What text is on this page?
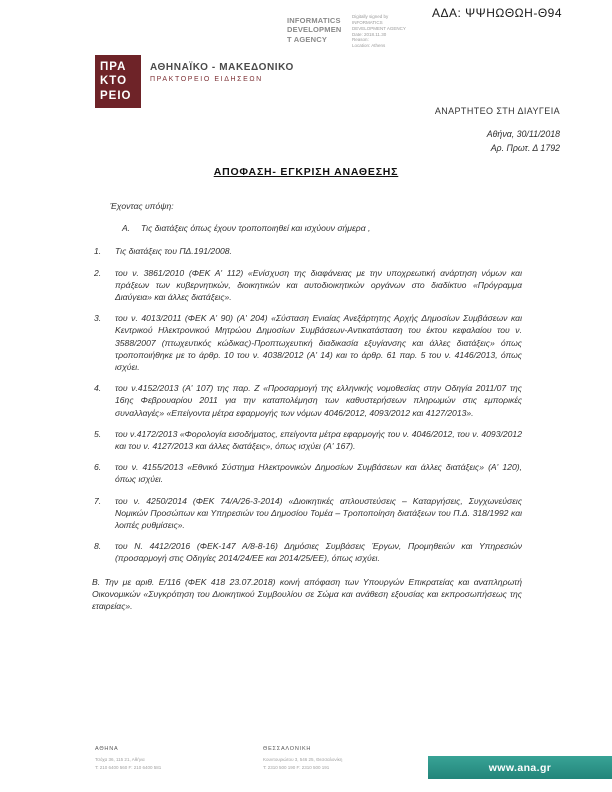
ΑΔΑ: ΨΨΗΩΘΩΗ-Θ94
INFORMATICS
DEVELOPMEN
T AGENCY
Digitally signed by
INFORMATICS
DEVELOPMENT AGENCY
Date: 2018.11.30
Reason:
Location: Athens
ΠΡΑ
ΚΤΟ
ΡΕΙΟ
ΑΘΗΝΑΪΚΟ - ΜΑΚΕΔΟΝΙΚΟ
ΠΡΑΚΤΟΡΕΙΟ ΕΙΔΗΣΕΩΝ
ΑΝΑΡΤΗΤΕΟ ΣΤΗ ΔΙΑΥΓΕΙΑ
Αθήνα, 30/11/2018
Αρ. Πρωτ. Δ 1792
ΑΠΟΦΑΣΗ- ΕΓΚΡΙΣΗ ΑΝΑΘΕΣΗΣ
Έχοντας υπόψη:
Α. Τις διατάξεις όπως έχουν τροποποιηθεί και ισχύουν σήμερα ,
1. Τις διατάξεις του ΠΔ.191/2008.
2. του ν. 3861/2010 (ΦΕΚ Α' 112) «Ενίσχυση της διαφάνειας με την υποχρεωτική ανάρτηση νόμων και πράξεων των κυβερνητικών, διοικητικών και αυτοδιοικητικών οργάνων στο διαδίκτυο «Πρόγραμμα Διαύγεια» και άλλες διατάξεις».
3. του ν. 4013/2011 (ΦΕΚ Α' 90) (Α' 204) «Σύσταση Ενιαίας Ανεξάρτητης Αρχής Δημοσίων Συμβάσεων και Κεντρικού Ηλεκτρονικού Μητρώου Δημοσίων Συμβάσεων-Αντικατάσταση του έκτου κεφαλαίου του ν. 3588/2007 (πτωχευτικός κώδικας)-Προπτωχευτική διαδικασία εξυγίανσης και άλλες διατάξεις» όπως τροποποιήθηκε με το άρθρ. 10 του ν. 4038/2012 (Α' 14) και το άρθρ. 61 παρ. 5 του ν. 4146/2013, όπως ισχύει.
4. του ν.4152/2013 (Α' 107) της παρ. Ζ «Προσαρμογή της ελληνικής νομοθεσίας στην Οδηγία 2011/07 της 16ης Φεβρουαρίου 2011 για την καταπολέμηση των καθυστερήσεων πληρωμών στις εμπορικές συναλλαγές» «Επείγοντα μέτρα εφαρμογής των νόμων 4046/2012, 4093/2012 και 4127/2013».
5. του ν.4172/2013 «Φορολογία εισοδήματος, επείγοντα μέτρα εφαρμογής του ν. 4046/2012, του ν. 4093/2012 και του ν. 4127/2013 και άλλες διατάξεις», όπως ισχύει (Α' 167).
6. του ν. 4155/2013 «Εθνικό Σύστημα Ηλεκτρονικών Δημοσίων Συμβάσεων και άλλες διατάξεις» (Α' 120), όπως ισχύει.
7. του ν. 4250/2014 (ΦΕΚ 74/Α/26-3-2014) «Διοικητικές απλουστεύσεις – Καταργήσεις, Συγχωνεύσεις Νομικών Προσώπων και Υπηρεσιών του Δημοσίου Τομέα – Τροποποίηση διατάξεων του Π.Δ. 318/1992 και λοιπές ρυθμίσεις».
8. του Ν. 4412/2016 (ΦΕΚ-147 Α/8-8-16) Δημόσιες Συμβάσεις Έργων, Προμηθειών και Υπηρεσιών (προσαρμογή στις Οδηγίες 2014/24/ΕΕ και 2014/25/ΕΕ), όπως ισχύει.
Β. Την με αριθ. Ε/116 (ΦΕΚ 418 23.07.2018) κοινή απόφαση των Υπουργών Επικρατείας και αναπληρωτή Οικονομικών «Συγκρότηση του Διοικητικού Συμβουλίου σε Σώμα και ανάθεση εξουσίας και εκπροσωπήσεως της εταιρείας».
ΑΘΗΝΑ
Τσόχα 36, 115 21, Αθήνα
Τ: 210 6400 560 F: 210 6400 581
ΘΕΣΣΑΛΟΝΙΚΗ
Κουντουριώτου 3, 546 25, Θεσσαλονίκη
Τ: 2310 500 190 F: 2310 500 191	www.ana.gr
